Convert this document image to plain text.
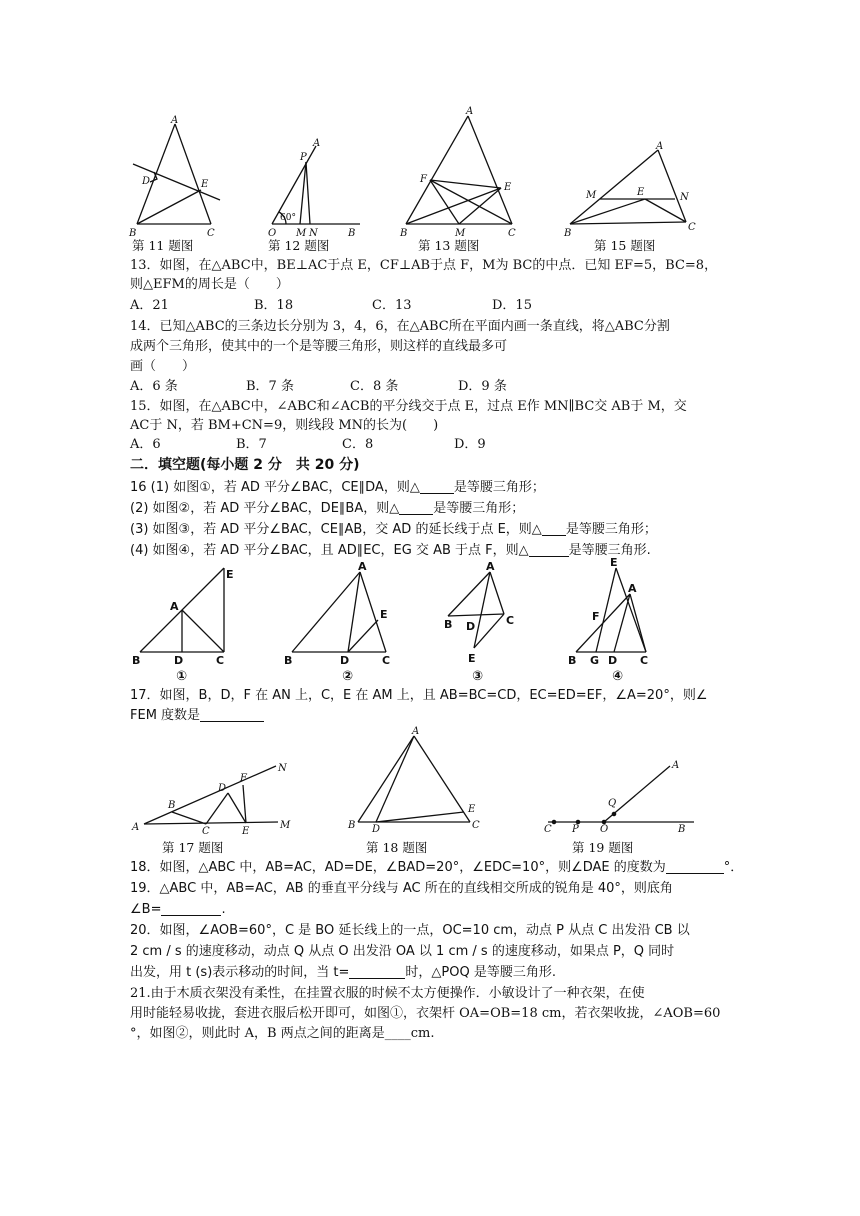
A
D	E
B	C
A
P
60°
O M N	B
A
F
E
B	M	C
A
M	E	N
B
C
第 11 题图	第 12 题图	第 13 题图	第 15 题图
13．如图，在△ABC中，BE⊥AC于点 E，CF⊥AB于点 F，M为 BC的中点．已知 EF=5，BC=8，
则△EFM的周长是（　　）
A．21	B．18	C．13	D．15
14．已知△ABC的三条边长分别为 3，4，6，在△ABC所在平面内画一条直线，将△ABC分割
成两个三角形，使其中的一个是等腰三角形，则这样的直线最多可
画（　　）
A．6 条	B．7 条	C．8 条	D．9 条
15．如图，在△ABC中，∠ABC和∠ACB的平分线交于点 E，过点 E作 MN∥BC交 AB于 M，交
AC于 N，若 BM+CN=9，则线段 MN的长为(　　)
A．6	B．7	C．8	D．9
二．填空题(每小题 2 分　共 20 分)
16 (1) 如图①，若 AD 平分∠BAC，CE∥DA，则△	是等腰三角形；
(2) 如图②，若 AD 平分∠BAC，DE∥BA，则△	是等腰三角形；
(3) 如图③，若 AD 平分∠BAC，CE∥AB，交 AD 的延长线于点 E，则△ 是等腰三角形；
(4) 如图④，若 AD 平分∠BAC，且 AD∥EC，EG 交 AB 于点 F，则△	是等腰三角形.
E
A
B	D	C
①
A
E
B	D	C
②
A
B D	C
E
③
E
A
F
B G D C
④
17．如图，B，D，F 在 AN 上，C，E 在 AM 上，且 AB=BC=CD，EC=ED=EF，∠A=20°，则∠
FEM 度数是
N
F
D
B
A	C	E
M
A
E
B D	C
A
Q
C P O	B
第 17 题图	第 18 题图	第 19 题图
18．如图，△ABC 中，AB=AC，AD=DE，∠BAD=20°，∠EDC=10°，则∠DAE 的度数为	°．
19．△ABC 中，AB=AC，AB 的垂直平分线与 AC 所在的直线相交所成的锐角是 40°，则底角
∠B=	.
20．如图，∠AOB=60°，C 是 BO 延长线上的一点，OC=10 cm，动点 P 从点 C 出发沿 CB 以
2 cm / s 的速度移动，动点 Q 从点 O 出发沿 OA 以 1 cm / s 的速度移动，如果点 P，Q 同时
出发，用 t (s)表示移动的时间，当 t=	时，△POQ 是等腰三角形.
21.由于木质衣架没有柔性，在挂置衣服的时候不太方便操作．小敏设计了一种衣架，在使
用时能轻易收拢，套进衣服后松开即可，如图①，衣架杆 OA=OB=18 cm，若衣架收拢，∠AOB=60
°，如图②，则此时 A，B 两点之间的距离是____cm.
